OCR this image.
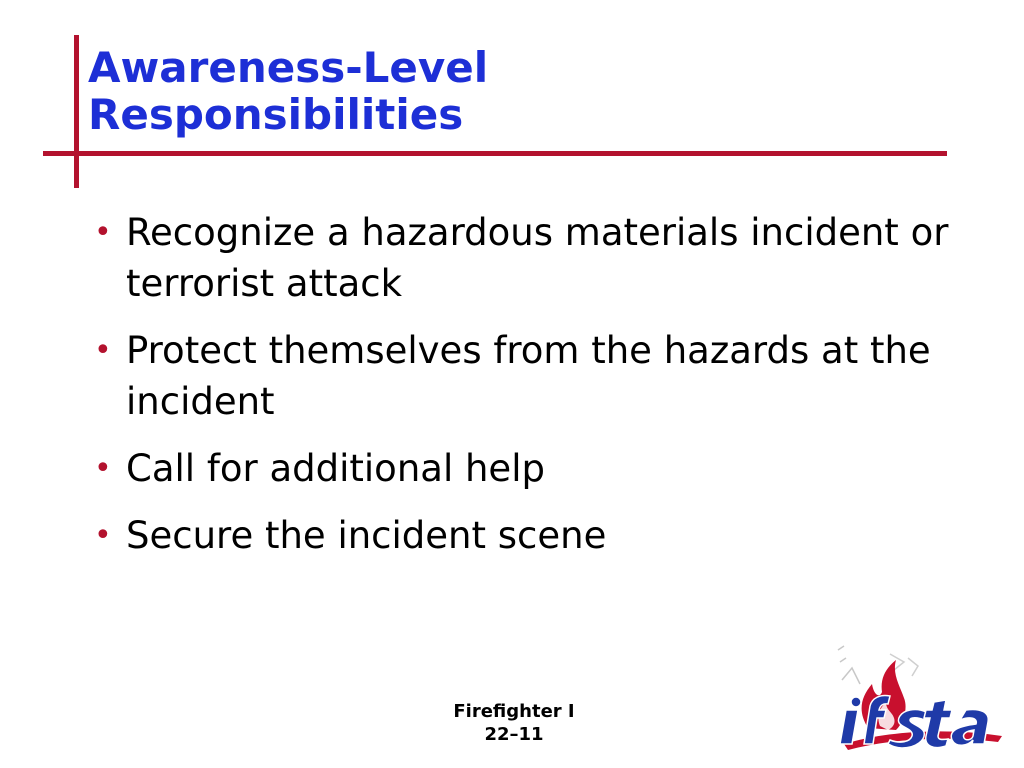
Awareness-Level
Responsibilities
• Recognize a hazardous materials incident or terrorist attack
• Protect themselves from the hazards at the incident
• Call for additional help
• Secure the incident scene
Firefighter I
22–11
